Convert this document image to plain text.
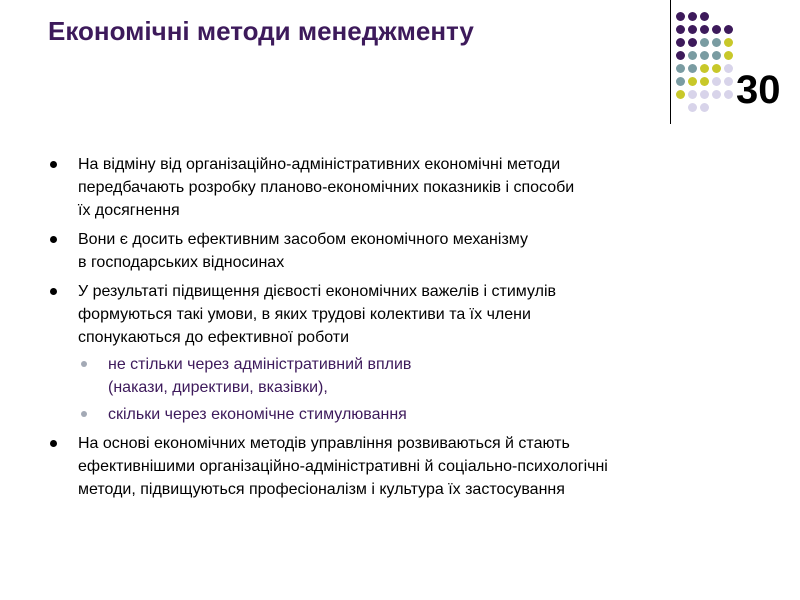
Економічні методи менеджменту
30
На відміну від організаційно-адміністративних економічні методи
передбачають розробку планово-економічних показників і способи
їх досягнення
Вони є досить ефективним засобом економічного механізму
в господарських відносинах
У результаті підвищення дієвості економічних важелів і стимулів
формуються такі умови, в яких трудові колективи та їх члени
спонукаються до ефективної роботи
не стільки через адміністративний вплив
(накази, директиви, вказівки),
скільки через економічне стимулювання
На основі економічних методів управління розвиваються й стають
ефективнішими організаційно-адміністративні й соціально-психологічні
методи, підвищуються професіоналізм і культура їх застосування
